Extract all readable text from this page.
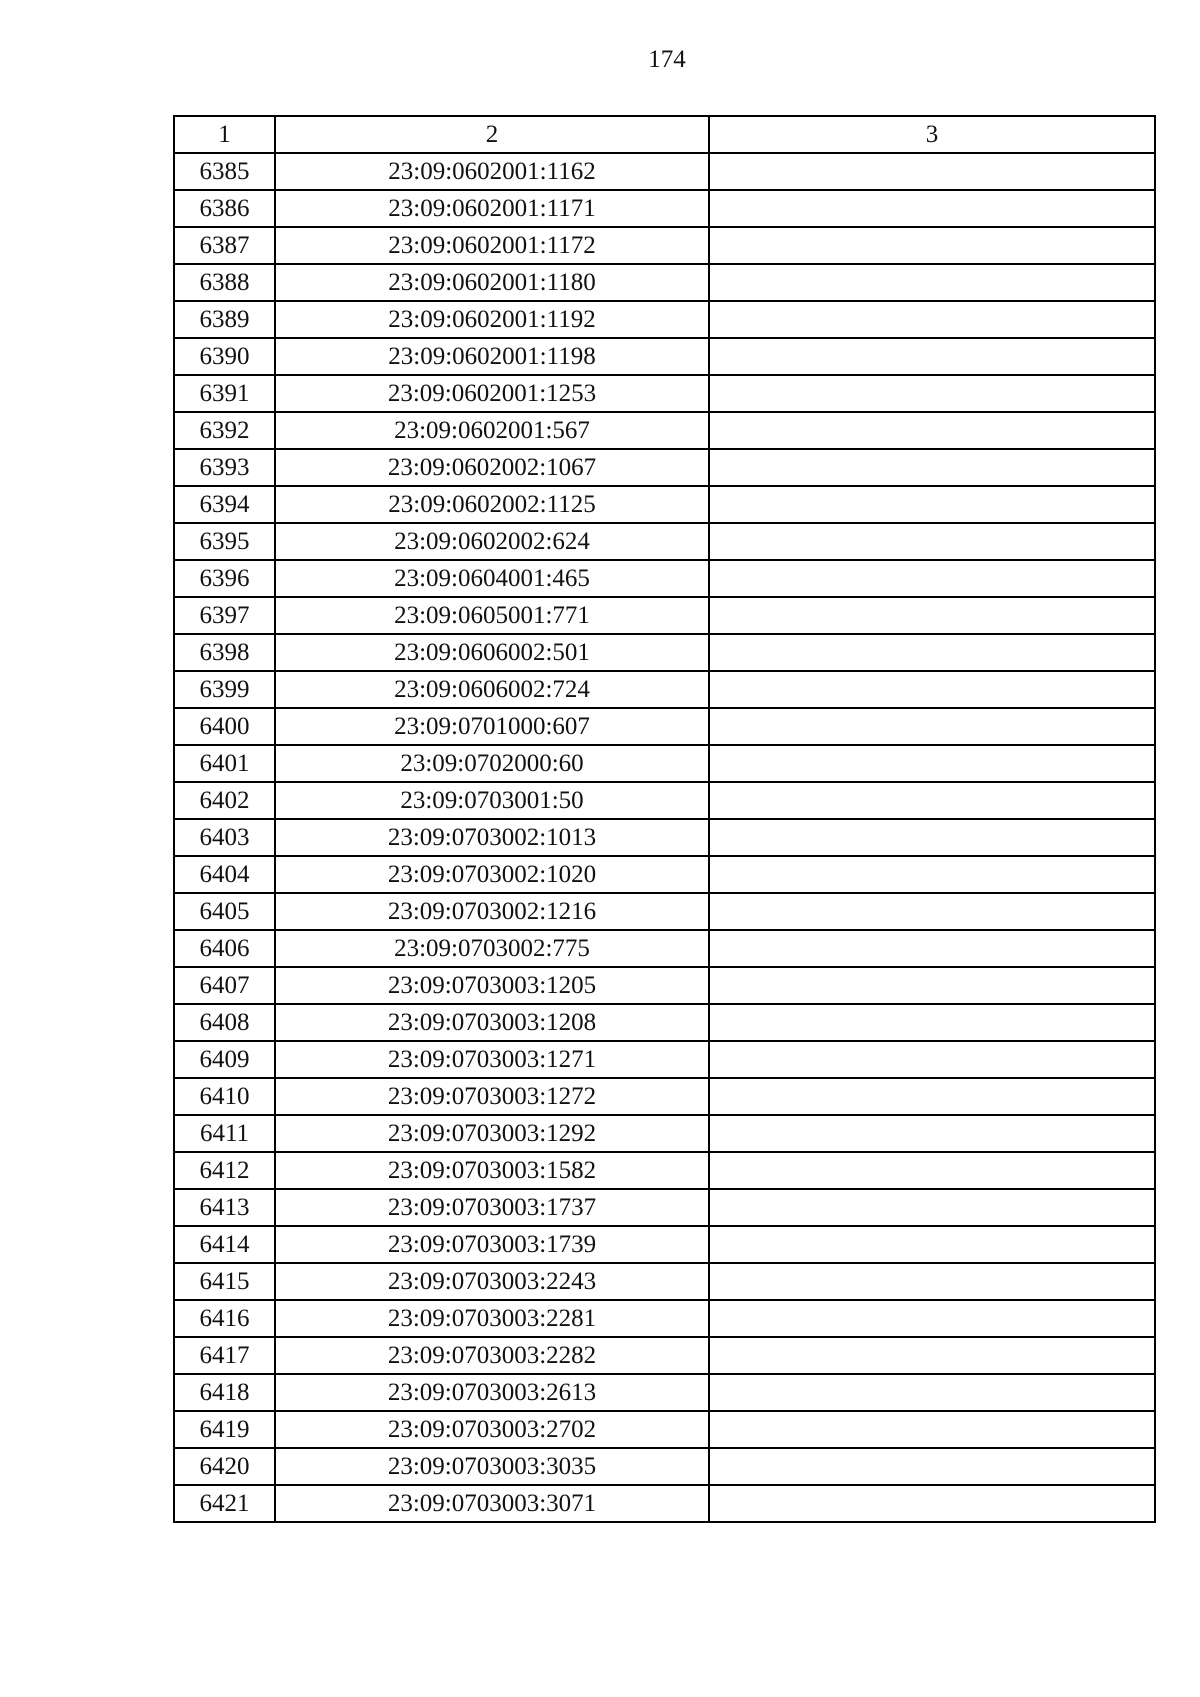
174
1	2	3
6385	23:09:0602001:1162	
6386	23:09:0602001:1171	
6387	23:09:0602001:1172	
6388	23:09:0602001:1180	
6389	23:09:0602001:1192	
6390	23:09:0602001:1198	
6391	23:09:0602001:1253	
6392	23:09:0602001:567	
6393	23:09:0602002:1067	
6394	23:09:0602002:1125	
6395	23:09:0602002:624	
6396	23:09:0604001:465	
6397	23:09:0605001:771	
6398	23:09:0606002:501	
6399	23:09:0606002:724	
6400	23:09:0701000:607	
6401	23:09:0702000:60	
6402	23:09:0703001:50	
6403	23:09:0703002:1013	
6404	23:09:0703002:1020	
6405	23:09:0703002:1216	
6406	23:09:0703002:775	
6407	23:09:0703003:1205	
6408	23:09:0703003:1208	
6409	23:09:0703003:1271	
6410	23:09:0703003:1272	
6411	23:09:0703003:1292	
6412	23:09:0703003:1582	
6413	23:09:0703003:1737	
6414	23:09:0703003:1739	
6415	23:09:0703003:2243	
6416	23:09:0703003:2281	
6417	23:09:0703003:2282	
6418	23:09:0703003:2613	
6419	23:09:0703003:2702	
6420	23:09:0703003:3035	
6421	23:09:0703003:3071	
